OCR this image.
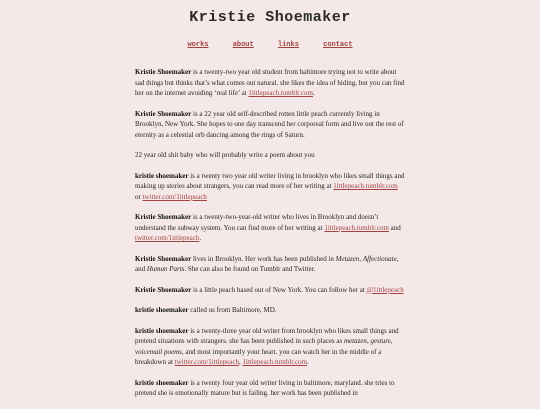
Kristie Shoemaker
works	about	links	contact

Kristie Shoemaker is a twenty-two year old student from baltimore trying not to write about sad things but thinks that’s what comes out natural. she likes the idea of hiding, but you can find her on the internet avoiding ‘real life’ at 1ittlepeach.tumblr.com.

Kristie Shoemaker is a 22 year old self-described rotten little peach currently living in Brooklyn, New York. She hopes to one day transcend her corporeal form and live out the rest of eternity as a celestial orb dancing among the rings of Saturn.

22 year old shit baby who will probably write a poem about you

kristie shoemaker is a twenty two year old writer living in brooklyn who likes small things and making up stories about strangers, you can read more of her writing at 1ittlepeach.tumblr.com or twitter.com/1ittlepeach

Kristie Shoemaker is a twenty-two-year-old writer who lives in Brooklyn and doesn’t understand the subway system. You can find more of her writing at 1ittlepeach.tumblr.com and twitter.com/1ittlepeach.

Kristie Shoemaker lives in Brooklyn. Her work has been published in Metazen, Affectionate, and Human Parts. She can also be found on Tumblr and Twitter.

Kristie Shoemaker is a little peach based out of New York. You can follow her at @1ittlepeach

kristie shoemaker called us from Baltimore, MD.

kristie shoemaker is a twenty-three year old writer from brooklyn who likes small things and pretend situations with strangers. she has been published in such places as metazen, gesture, voicemail poems, and most importantly your heart. you can watch her in the middle of a breakdown at twitter.com/1ittlepeach, 1ittlepeach.tumblr.com.

kristie shoemaker is a twenty four year old writer living in baltimore, maryland. she tries to pretend she is emotionally mature but is failing. her work has been published in
